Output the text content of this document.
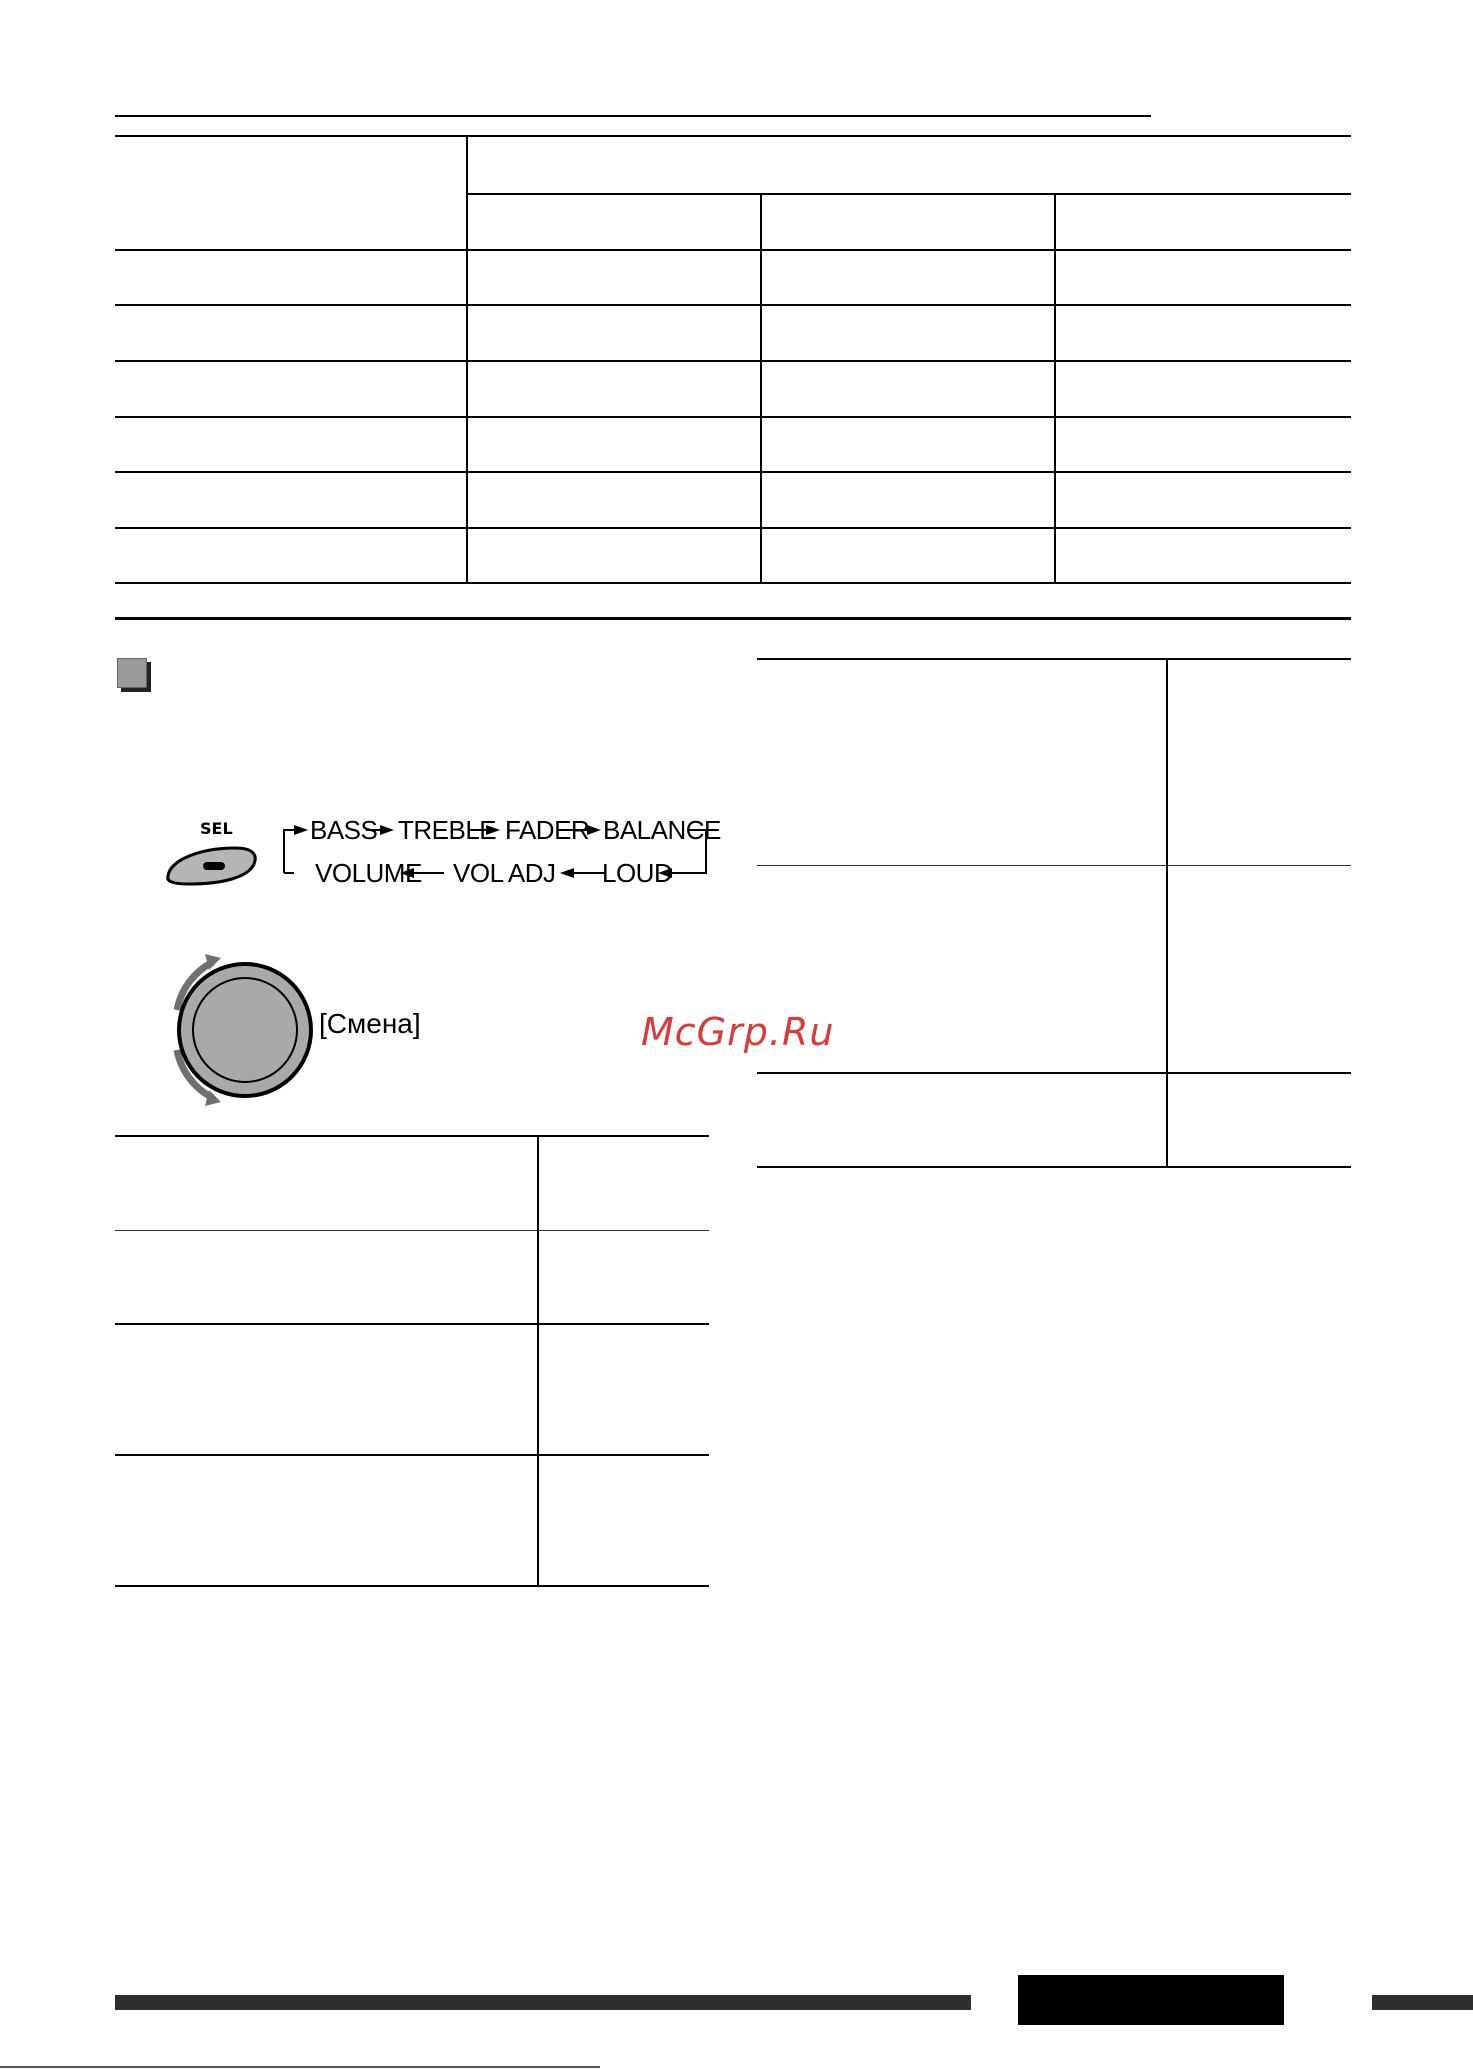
SEL	BASS TREBLE FADER BALANCE
VOLUME VOL ADJ LOUD
[Смена]	McGrp.Ru
